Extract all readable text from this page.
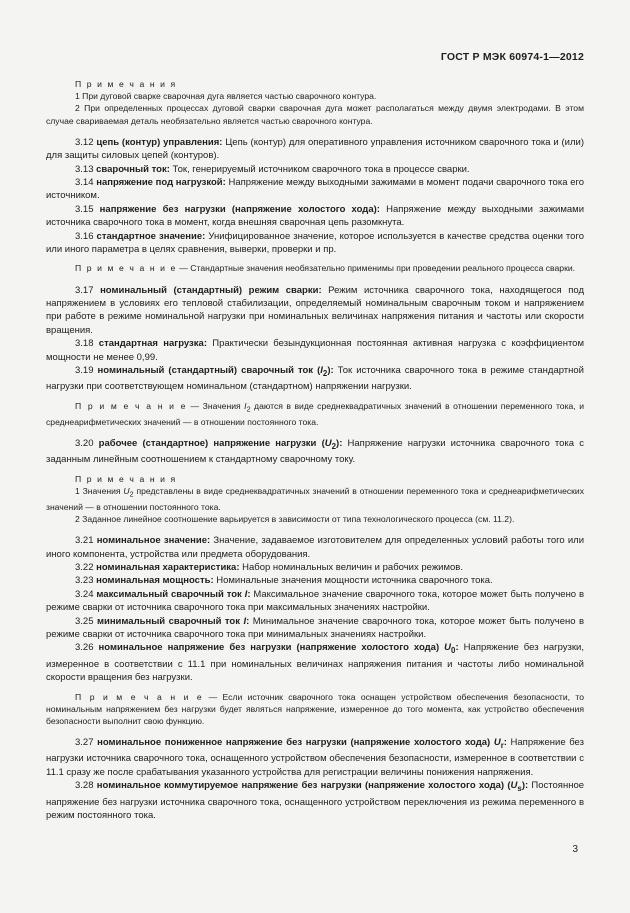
ГОСТ Р МЭК 60974-1—2012

П р и м е ч а н и я

1 При дуговой сварке сварочная дуга является частью сварочного контура.

2 При определенных процессах дуговой сварки сварочная дуга может располагаться между двумя электродами. В этом случае свариваемая деталь необязательно является частью сварочного контура.

3.12 цепь (контур) управления: Цепь (контур) для оперативного управления источником сварочного тока и (или) для защиты силовых цепей (контуров).

3.13 сварочный ток: Ток, генерируемый источником сварочного тока в процессе сварки.

3.14 напряжение под нагрузкой: Напряжение между выходными зажимами в момент подачи сварочного тока его источником.

3.15 напряжение без нагрузки (напряжение холостого хода): Напряжение между выходными зажимами источника сварочного тока в момент, когда внешняя сварочная цепь разомкнута.

3.16 стандартное значение: Унифицированное значение, которое используется в качестве средства оценки того или иного параметра в целях сравнения, выверки, проверки и пр.

П р и м е ч а н и е — Стандартные значения необязательно применимы при проведении реального процесса сварки.

3.17 номинальный (стандартный) режим сварки: Режим источника сварочного тока, находящегося под напряжением в условиях его тепловой стабилизации, определяемый номинальным сварочным током и напряжением при работе в режиме номинальной нагрузки при номинальных величинах напряжения питания и частоты или скорости вращения.

3.18 стандартная нагрузка: Практически безындукционная постоянная активная нагрузка с коэффициентом мощности не менее 0,99.

3.19 номинальный (стандартный) сварочный ток $(I_2)$: Ток источника сварочного тока в режиме стандартной нагрузки при соответствующем номинальном (стандартном) напряжении нагрузки.

П р и м е ч а н и е — Значения $I_2$ даются в виде среднеквадратичных значений в отношении переменного тока, и среднеарифметических значений — в отношении постоянного тока.

3.20 рабочее (стандартное) напряжение нагрузки $(U_2)$: Напряжение нагрузки источника сварочного тока с заданным линейным соотношением к стандартному сварочному току.

П р и м е ч а н и я

1 Значения $U_2$ представлены в виде среднеквадратичных значений в отношении переменного тока и среднеарифметических значений — в отношении постоянного тока.

2 Заданное линейное соотношение варьируется в зависимости от типа технологического процесса (см. 11.2).

3.21 номинальное значение: Значение, задаваемое изготовителем для определенных условий работы того или иного компонента, устройства или предмета оборудования.

3.22 номинальная характеристика: Набор номинальных величин и рабочих режимов.

3.23 номинальная мощность: Номинальные значения мощности источника сварочного тока.

3.24 максимальный сварочный ток I: Максимальное значение сварочного тока, которое может быть получено в режиме сварки от источника сварочного тока при максимальных значениях настройки.

3.25 минимальный сварочный ток I: Минимальное значение сварочного тока, которое может быть получено в режиме сварки от источника сварочного тока при минимальных значениях настройки.

3.26 номинальное напряжение без нагрузки (напряжение холостого хода) $U_0$: Напряжение без нагрузки, измеренное в соответствии с 11.1 при номинальных величинах напряжения питания и частоты либо номинальной скорости вращения без нагрузки.

П р и м е ч а н и е — Если источник сварочного тока оснащен устройством обеспечения безопасности, то номинальным напряжением без нагрузки будет являться напряжение, измеренное до того момента, как устройство обеспечения безопасности выполнит свою функцию.

3.27 номинальное пониженное напряжение без нагрузки (напряжение холостого хода) $U_r$: Напряжение без нагрузки источника сварочного тока, оснащенного устройством обеспечения безопасности, измеренное в соответствии с 11.1 сразу же после срабатывания указанного устройства для регистрации величины понижения напряжения.

3.28 номинальное коммутируемое напряжение без нагрузки (напряжение холостого хода) $(U_s)$: Постоянное напряжение без нагрузки источника сварочного тока, оснащенного устройством переключения из режима переменного в режим постоянного тока.

3
